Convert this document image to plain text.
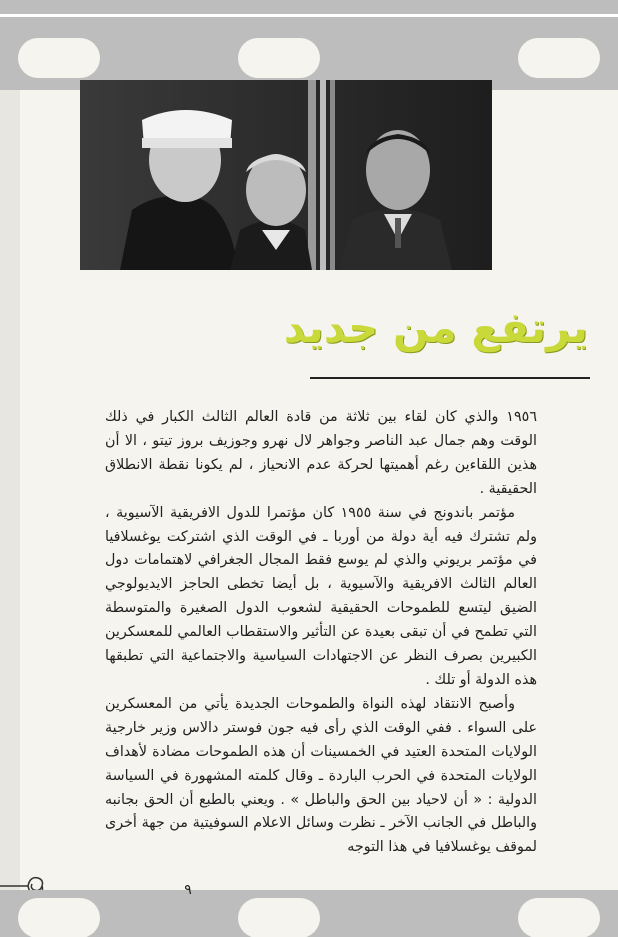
يرتفع من جديد

١٩٥٦ والذي كان لقاء بين ثلاثة من قادة العالم الثالث الكبار في ذلك الوقت وهم جمال عبد الناصر وجواهر لال نهرو وجوزيف بروز تيتو ، الا أن هذين اللقاءين رغم أهميتها لحركة عدم الانحياز ، لم يكونا نقطة الانطلاق الحقيقية .

مؤتمر باندونج في سنة ١٩٥٥ كان مؤتمرا للدول الافريقية الآسيوية ، ولم تشترك فيه أية دولة من أوربا ـ في الوقت الذي اشتركت يوغسلافيا في مؤتمر بريوني والذي لم يوسع فقط المجال الجغرافي لاهتمامات دول العالم الثالث الافريقية والآسيوية ، بل أيضا تخطى الحاجز الايديولوجي الضيق ليتسع للطموحات الحقيقية لشعوب الدول الصغيرة والمتوسطة التي تطمح في أن تبقى بعيدة عن التأثير والاستقطاب العالمي للمعسكرين الكبيرين بصرف النظر عن الاجتهادات السياسية والاجتماعية التي تطبقها هذه الدولة أو تلك .

وأصبح الانتقاد لهذه النواة والطموحات الجديدة يأتي من المعسكرين على السواء . ففي الوقت الذي رأى فيه جون فوستر دالاس وزير خارجية الولايات المتحدة العتيد في الخمسينات أن هذه الطموحات مضادة لأهداف الولايات المتحدة في الحرب الباردة ـ وقال كلمته المشهورة في السياسة الدولية : « أن لاحياد بين الحق والباطل » . ويعني بالطبع أن الحق بجانبه والباطل في الجانب الآخر ـ نظرت وسائل الاعلام السوفيتية من جهة أخرى لموقف يوغسلافيا في هذا التوجه

٩
